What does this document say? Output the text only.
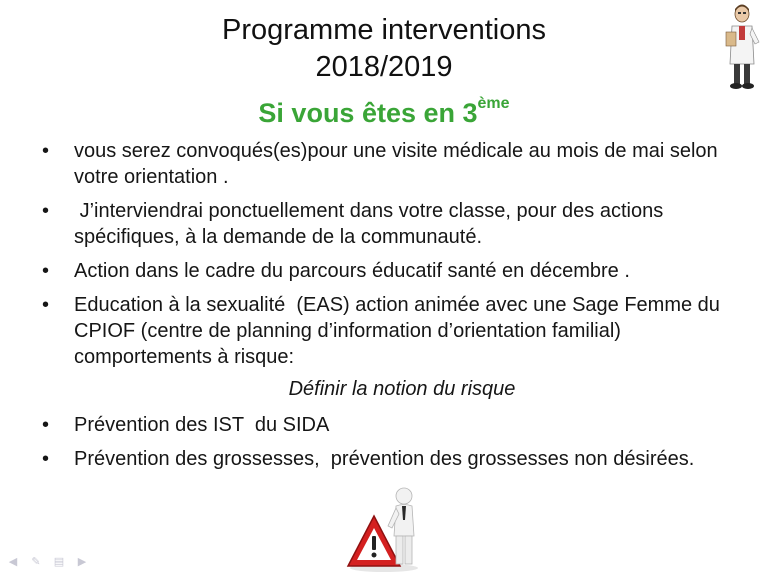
Programme interventions
2018/2019
Si vous êtes en 3ème
•	vous serez convoqués(es)pour une visite médicale au mois de mai selon votre orientation .
•	J’interviendrai ponctuellement dans votre classe, pour des actions spécifiques, à la demande de la communauté.
•	Action dans le cadre du parcours éducatif santé en décembre .
•	Education à la sexualité  (EAS) action animée avec une Sage Femme du CPIOF (centre de planning d’information d’orientation familial) comportements à risque:
Définir la notion du risque
•	Prévention des IST  du SIDA
•	Prévention des grossesses,  prévention des grossesses non désirées.
◀ ✎ ▤ ▶
